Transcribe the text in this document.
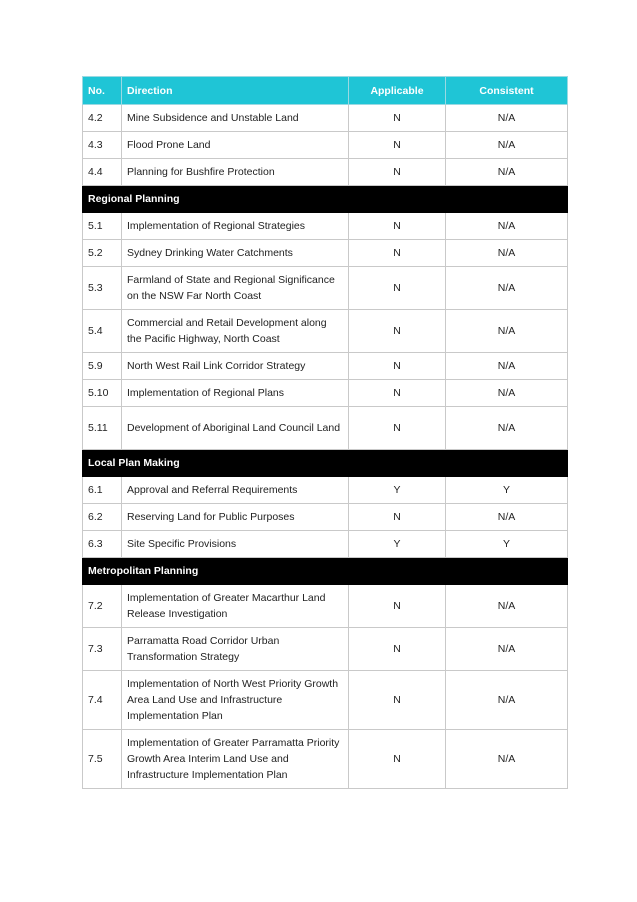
No.	Direction	Applicable	Consistent
4.2	Mine Subsidence and Unstable Land	N	N/A
4.3	Flood Prone Land	N	N/A
4.4	Planning for Bushfire Protection	N	N/A
Regional Planning			
5.1	Implementation of Regional Strategies	N	N/A
5.2	Sydney Drinking Water Catchments	N	N/A
5.3	Farmland of State and Regional Significance on the NSW Far North Coast	N	N/A
5.4	Commercial and Retail Development along the Pacific Highway, North Coast	N	N/A
5.9	North West Rail Link Corridor Strategy	N	N/A
5.10	Implementation of Regional Plans	N	N/A
5.11	Development of Aboriginal Land Council Land	N	N/A
Local Plan Making			
6.1	Approval and Referral Requirements	Y	Y
6.2	Reserving Land for Public Purposes	N	N/A
6.3	Site Specific Provisions	Y	Y
Metropolitan Planning			
7.2	Implementation of Greater Macarthur Land Release Investigation	N	N/A
7.3	Parramatta Road Corridor Urban Transformation Strategy	N	N/A
7.4	Implementation of North West Priority Growth Area Land Use and Infrastructure Implementation Plan	N	N/A
7.5	Implementation of Greater Parramatta Priority Growth Area Interim Land Use and Infrastructure Implementation Plan	N	N/A
